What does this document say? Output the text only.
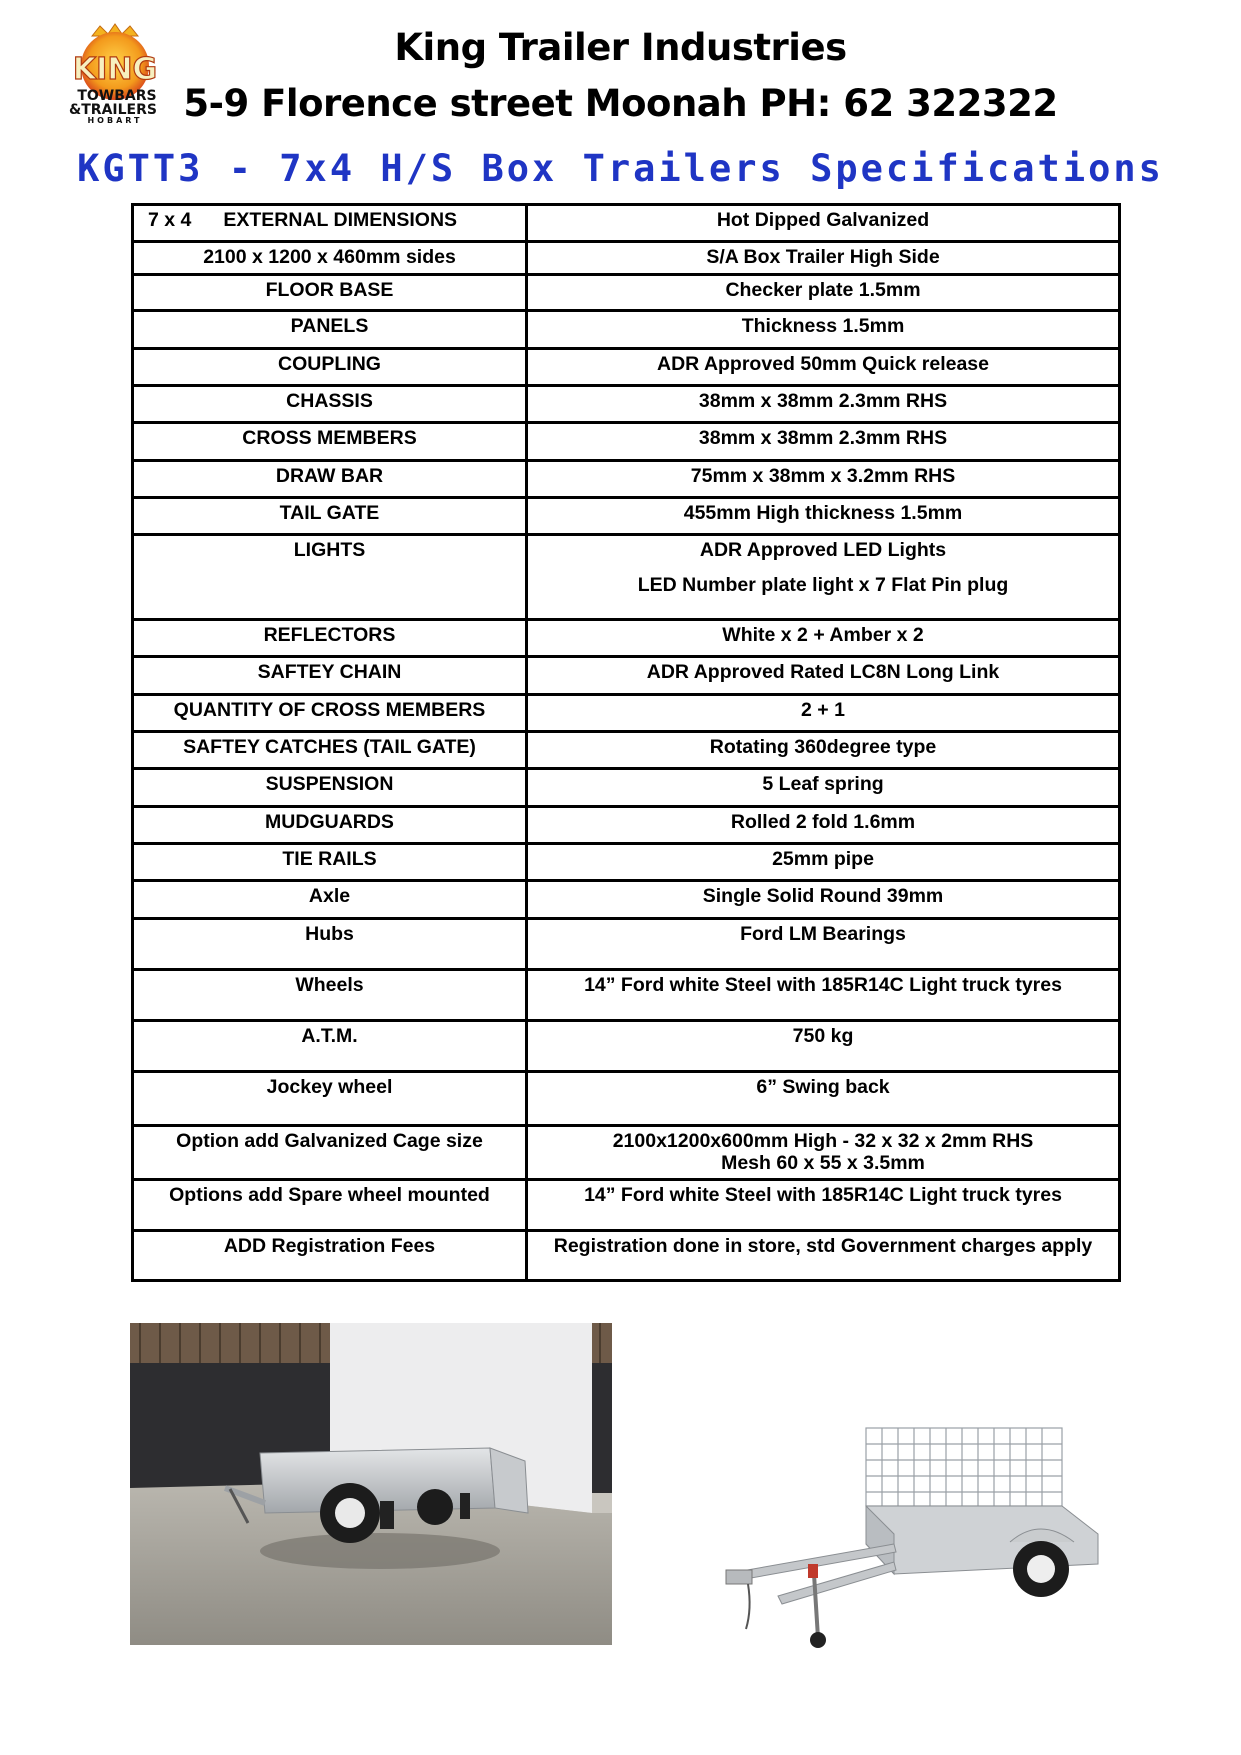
KING
TOWBARS
&TRAILERS
HOBART
King Trailer Industries
5-9 Florence street Moonah PH: 62 322322
KGTT3 - 7x4 H/S Box Trailers Specifications
7 x 4 EXTERNAL DIMENSIONS	Hot Dipped Galvanized
2100 x 1200 x 460mm sides	S/A Box Trailer High Side
FLOOR BASE	Checker plate 1.5mm
PANELS	Thickness 1.5mm
COUPLING	ADR Approved 50mm Quick release
CHASSIS	38mm x 38mm 2.3mm RHS
CROSS MEMBERS	38mm x 38mm 2.3mm RHS
DRAW BAR	75mm x 38mm x 3.2mm RHS
TAIL GATE	455mm High thickness 1.5mm
LIGHTS	ADR Approved LED Lights
LED Number plate light x 7 Flat Pin plug

REFLECTORS	White x 2 + Amber x 2
SAFTEY CHAIN	ADR Approved Rated LC8N Long Link
QUANTITY OF CROSS MEMBERS	2 + 1
SAFTEY CATCHES (TAIL GATE)	Rotating 360degree type
SUSPENSION	5 Leaf spring
MUDGUARDS	Rolled 2 fold 1.6mm
TIE RAILS	25mm pipe
Axle	Single Solid Round 39mm
Hubs	Ford LM Bearings
Wheels	14” Ford white Steel with 185R14C Light truck tyres
A.T.M.	750 kg
Jockey wheel	6” Swing back
Option add Galvanized Cage size	2100x1200x600mm High - 32 x 32 x 2mm RHS
Mesh 60 x 55 x 3.5mm

Options add Spare wheel mounted	14” Ford white Steel with 185R14C Light truck tyres
ADD Registration Fees	Registration done in store, std Government charges apply
